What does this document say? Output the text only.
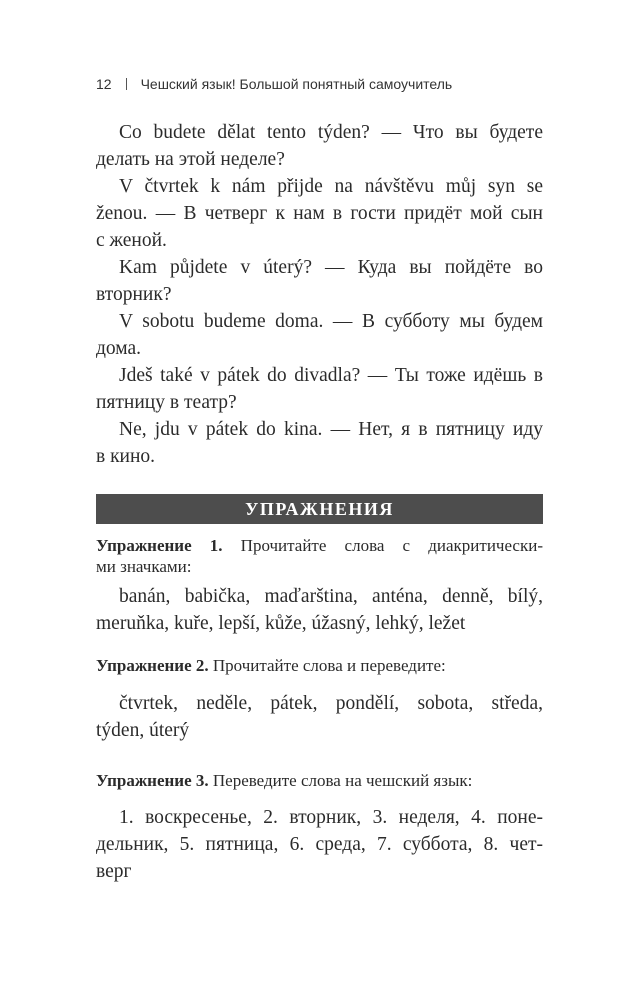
12 Чешский язык! Большой понятный самоучитель
Co budete dělat tento týden? — Что вы будете
делать на этой неделе?
V čtvrtek k nám přijde na návštěvu můj syn se
ženou. — В четверг к нам в гости придёт мой сын
с женой.
Kam půjdete v úterý? — Куда вы пойдёте во
вторник?
V sobotu budeme doma. — В субботу мы будем
дома.
Jdeš také v pátek do divadla? — Ты тоже идёшь в
пятницу в театр?
Ne, jdu v pátek do kina. — Нет, я в пятницу иду
в кино.
УПРАЖНЕНИЯ
Упражнение 1. Прочитайте слова с диакритически-
ми значками:
banán, babička, maďarština, anténa, denně, bílý,
meruňka, kuře, lepší, kůže, úžasný, lehký, ležet
Упражнение 2. Прочитайте слова и переведите:
čtvrtek, neděle, pátek, pondělí, sobota, středa,
týden, úterý
Упражнение 3. Переведите слова на чешский язык:
1. воскресенье, 2. вторник, 3. неделя, 4. поне-
дельник, 5. пятница, 6. среда, 7. суббота, 8. чет-
верг
